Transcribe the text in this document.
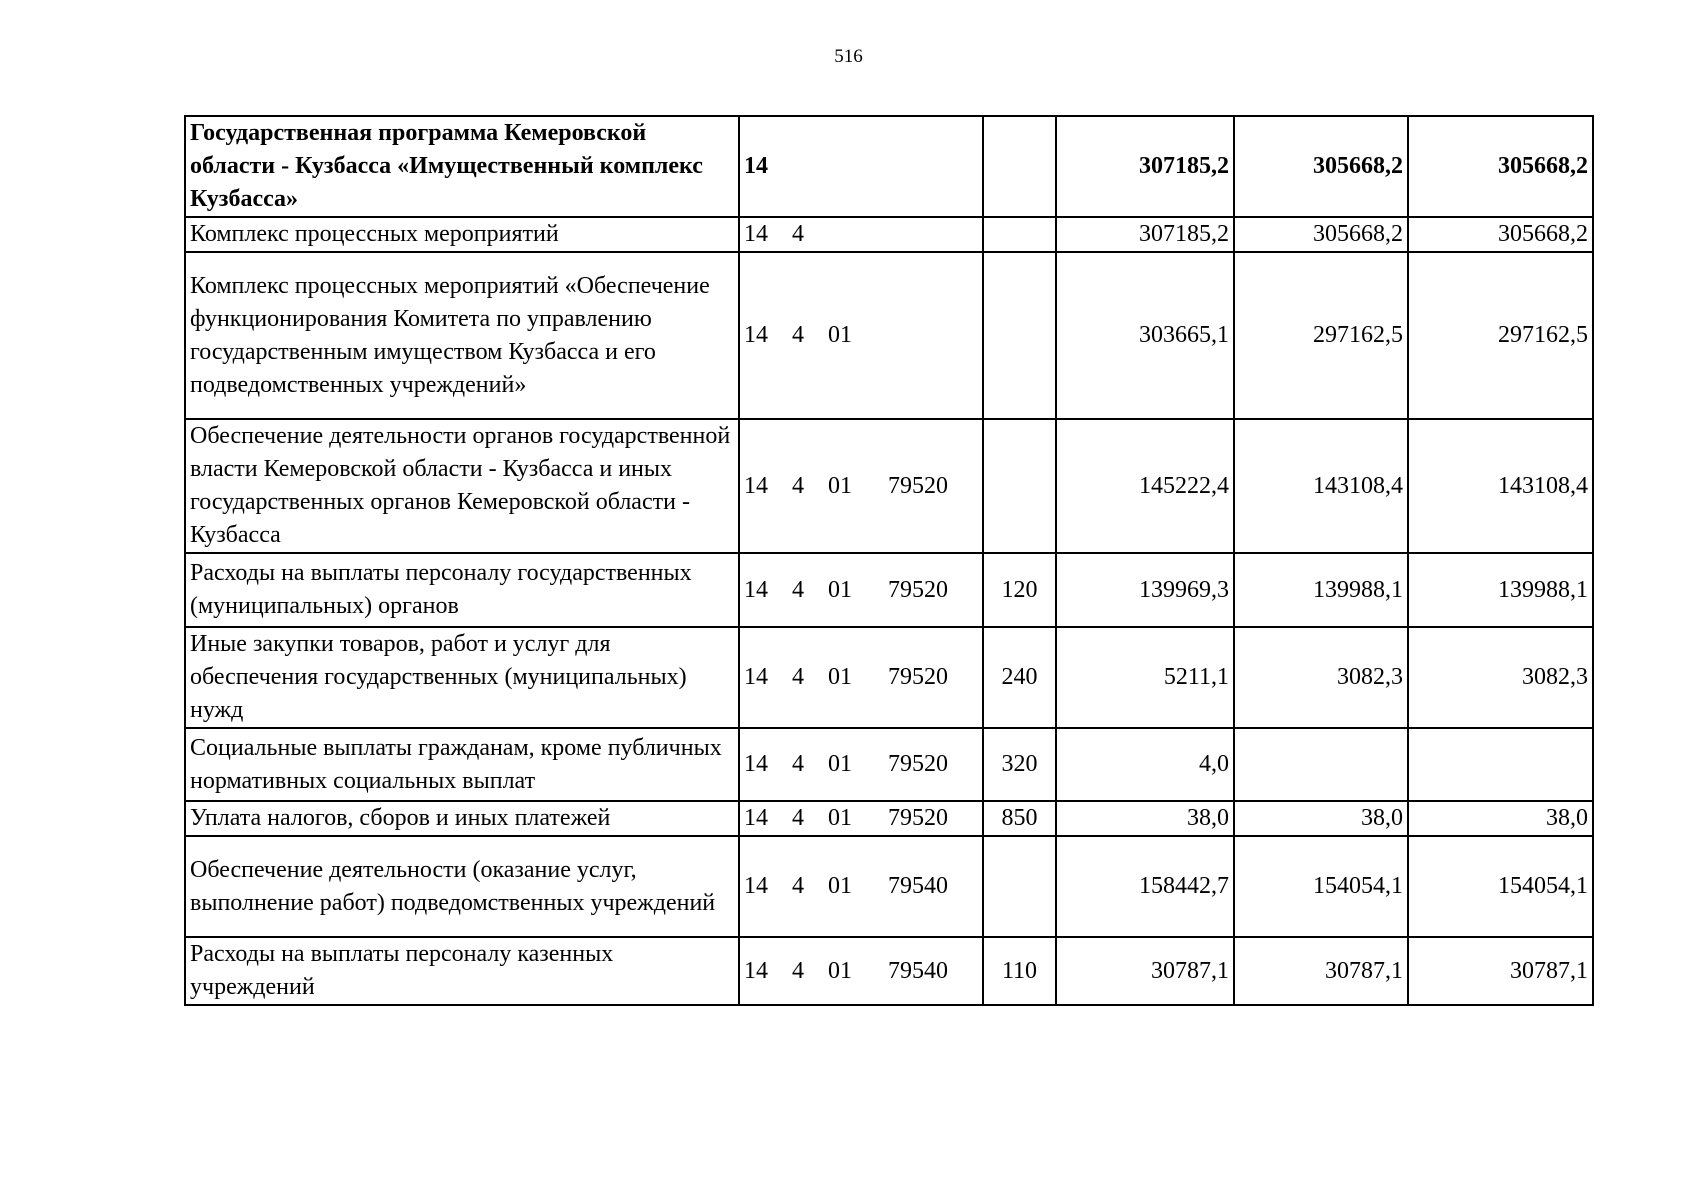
516
Государственная программа Кемеровской области - Кузбасса «Имущественный комплекс Кузбасса»	14		307185,2	305668,2	305668,2
Комплекс процессных мероприятий	14    4		307185,2	305668,2	305668,2
Комплекс процессных мероприятий «Обеспечение функционирования Комитета по управлению государственным имуществом Кузбасса и его подведомственных учреждений»	14    4    01		303665,1	297162,5	297162,5
Обеспечение деятельности органов государственной власти Кемеровской области - Кузбасса и иных государственных органов Кемеровской области - Кузбасса	14    4    01      79520		145222,4	143108,4	143108,4
Расходы на выплаты персоналу государственных (муниципальных) органов	14    4    01      79520	120	139969,3	139988,1	139988,1
Иные закупки товаров, работ и услуг для обеспечения государственных (муниципальных) нужд	14    4    01      79520	240	5211,1	3082,3	3082,3
Социальные выплаты гражданам, кроме публичных нормативных социальных выплат	14    4    01      79520	320	4,0		
Уплата налогов, сборов и иных платежей	14    4    01      79520	850	38,0	38,0	38,0
Обеспечение деятельности (оказание услуг, выполнение работ) подведомственных учреждений	14    4    01      79540		158442,7	154054,1	154054,1
Расходы на выплаты персоналу казенных учреждений	14    4    01      79540	110	30787,1	30787,1	30787,1
